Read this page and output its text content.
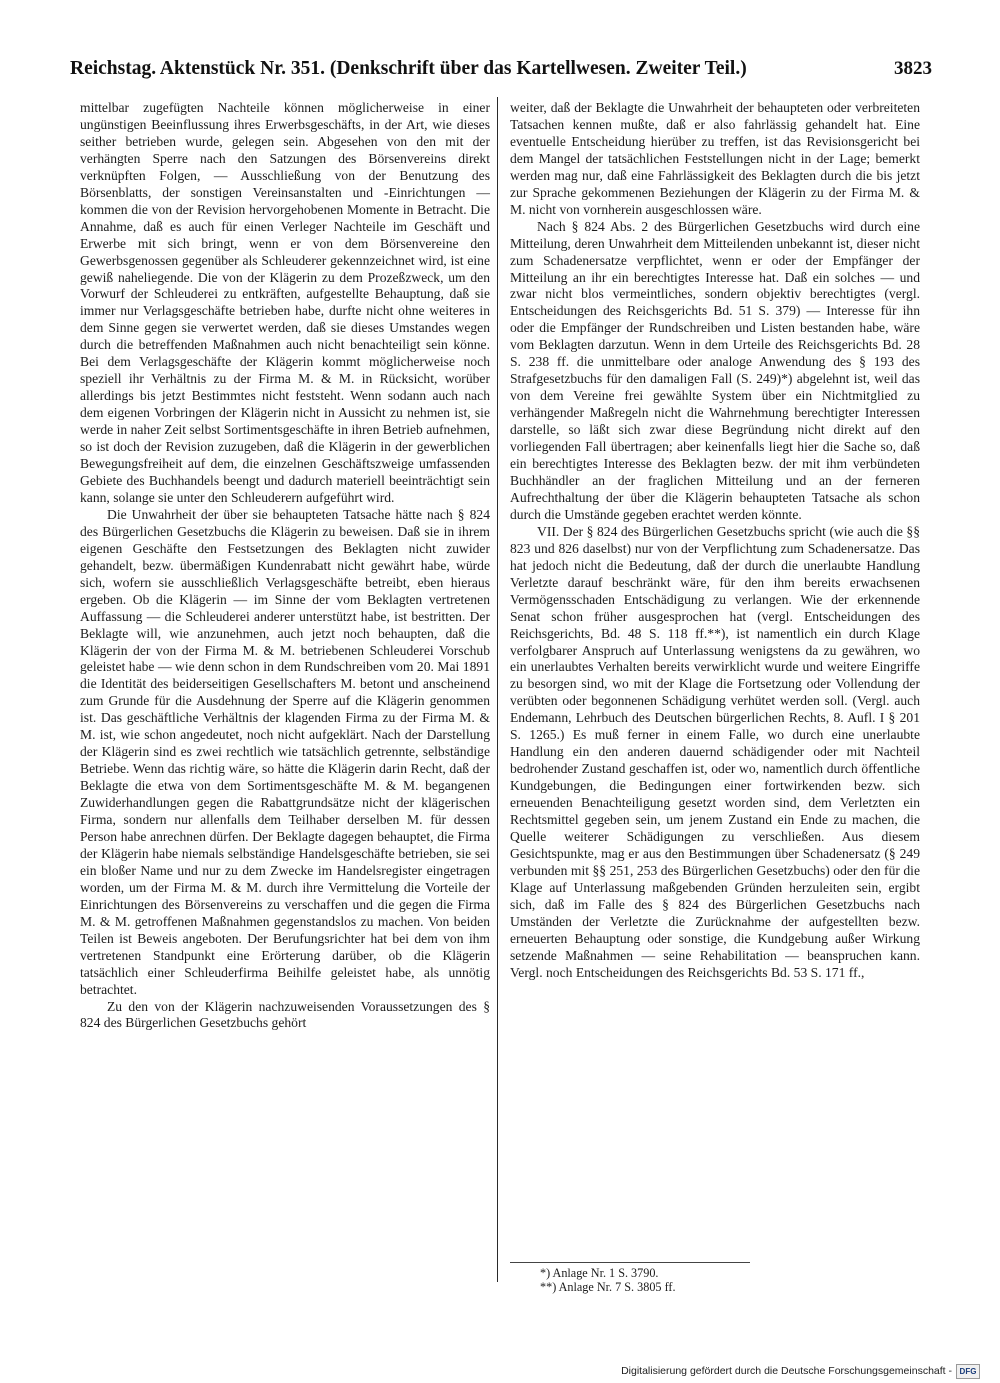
Reichstag. Aktenstück Nr. 351. (Denkschrift über das Kartellwesen. Zweiter Teil.)	3823

mittelbar zugefügten Nachteile können möglicherweise in einer ungünstigen Beeinflussung ihres Erwerbsgeschäfts, in der Art, wie dieses seither betrieben wurde, gelegen sein. Abgesehen von den mit der verhängten Sperre nach den Satzungen des Börsenvereins direkt verknüpften Folgen, — Ausschließung von der Benutzung des Börsenblatts, der sonstigen Vereinsanstalten und -Einrichtungen — kommen die von der Revision hervorgehobenen Momente in Betracht. Die Annahme, daß es auch für einen Verleger Nachteile im Geschäft und Erwerbe mit sich bringt, wenn er von dem Börsenvereine den Gewerbsgenossen gegenüber als Schleuderer gekennzeichnet wird, ist eine gewiß naheliegende. Die von der Klägerin zu dem Prozeßzweck, um den Vorwurf der Schleuderei zu entkräften, aufgestellte Behauptung, daß sie immer nur Verlagsgeschäfte betrieben habe, durfte nicht ohne weiteres in dem Sinne gegen sie verwertet werden, daß sie dieses Umstandes wegen durch die betreffenden Maßnahmen auch nicht benachteiligt sein könne. Bei dem Verlagsgeschäfte der Klägerin kommt möglicherweise noch speziell ihr Verhältnis zu der Firma M. & M. in Rücksicht, worüber allerdings bis jetzt Bestimmtes nicht feststeht. Wenn sodann auch nach dem eigenen Vorbringen der Klägerin nicht in Aussicht zu nehmen ist, sie werde in naher Zeit selbst Sortimentsgeschäfte in ihren Betrieb aufnehmen, so ist doch der Revision zuzugeben, daß die Klägerin in der gewerblichen Bewegungsfreiheit auf dem, die einzelnen Geschäftszweige umfassenden Gebiete des Buchhandels beengt und dadurch materiell beeinträchtigt sein kann, solange sie unter den Schleuderern aufgeführt wird.

Die Unwahrheit der über sie behaupteten Tatsache hätte nach § 824 des Bürgerlichen Gesetzbuchs die Klägerin zu beweisen. Daß sie in ihrem eigenen Geschäfte den Festsetzungen des Beklagten nicht zuwider gehandelt, bezw. übermäßigen Kundenrabatt nicht gewährt habe, würde sich, wofern sie ausschließlich Verlagsgeschäfte betreibt, eben hieraus ergeben. Ob die Klägerin — im Sinne der vom Beklagten vertretenen Auffassung — die Schleuderei anderer unterstützt habe, ist bestritten. Der Beklagte will, wie anzunehmen, auch jetzt noch behaupten, daß die Klägerin der von der Firma M. & M. betriebenen Schleuderei Vorschub geleistet habe — wie denn schon in dem Rundschreiben vom 20. Mai 1891 die Identität des beiderseitigen Gesellschafters M. betont und anscheinend zum Grunde für die Ausdehnung der Sperre auf die Klägerin genommen ist. Das geschäftliche Verhältnis der klagenden Firma zu der Firma M. & M. ist, wie schon angedeutet, noch nicht aufgeklärt. Nach der Darstellung der Klägerin sind es zwei rechtlich wie tatsächlich getrennte, selbständige Betriebe. Wenn das richtig wäre, so hätte die Klägerin darin Recht, daß der Beklagte die etwa von dem Sortimentsgeschäfte M. & M. begangenen Zuwiderhandlungen gegen die Rabattgrundsätze nicht der klägerischen Firma, sondern nur allenfalls dem Teilhaber derselben M. für dessen Person habe anrechnen dürfen. Der Beklagte dagegen behauptet, die Firma der Klägerin habe niemals selbständige Handelsgeschäfte betrieben, sie sei ein bloßer Name und nur zu dem Zwecke im Handelsregister eingetragen worden, um der Firma M. & M. durch ihre Vermittelung die Vorteile der Einrichtungen des Börsenvereins zu verschaffen und die gegen die Firma M. & M. getroffenen Maßnahmen gegenstandslos zu machen. Von beiden Teilen ist Beweis angeboten. Der Berufungsrichter hat bei dem von ihm vertretenen Standpunkt eine Erörterung darüber, ob die Klägerin tatsächlich einer Schleuderfirma Beihilfe geleistet habe, als unnötig betrachtet.

Zu den von der Klägerin nachzuweisenden Voraussetzungen des § 824 des Bürgerlichen Gesetzbuchs gehört

weiter, daß der Beklagte die Unwahrheit der behaupteten oder verbreiteten Tatsachen kennen mußte, daß er also fahrlässig gehandelt hat. Eine eventuelle Entscheidung hierüber zu treffen, ist das Revisionsgericht bei dem Mangel der tatsächlichen Feststellungen nicht in der Lage; bemerkt werden mag nur, daß eine Fahrlässigkeit des Beklagten durch die bis jetzt zur Sprache gekommenen Beziehungen der Klägerin zu der Firma M. & M. nicht von vornherein ausgeschlossen wäre.

Nach § 824 Abs. 2 des Bürgerlichen Gesetzbuchs wird durch eine Mitteilung, deren Unwahrheit dem Mitteilenden unbekannt ist, dieser nicht zum Schadenersatze verpflichtet, wenn er oder der Empfänger der Mitteilung an ihr ein berechtigtes Interesse hat. Daß ein solches — und zwar nicht blos vermeintliches, sondern objektiv berechtigtes (vergl. Entscheidungen des Reichsgerichts Bd. 51 S. 379) — Interesse für ihn oder die Empfänger der Rundschreiben und Listen bestanden habe, wäre vom Beklagten darzutun. Wenn in dem Urteile des Reichsgerichts Bd. 28 S. 238 ff. die unmittelbare oder analoge Anwendung des § 193 des Strafgesetzbuchs für den damaligen Fall (S. 249)*) abgelehnt ist, weil das von dem Vereine frei gewählte System über ein Nichtmitglied zu verhängender Maßregeln nicht die Wahrnehmung berechtigter Interessen darstelle, so läßt sich zwar diese Begründung nicht direkt auf den vorliegenden Fall übertragen; aber keinenfalls liegt hier die Sache so, daß ein berechtigtes Interesse des Beklagten bezw. der mit ihm verbündeten Buchhändler an der fraglichen Mitteilung und an der ferneren Aufrechthaltung der über die Klägerin behaupteten Tatsache als schon durch die Umstände gegeben erachtet werden könnte.

VII. Der § 824 des Bürgerlichen Gesetzbuchs spricht (wie auch die §§ 823 und 826 daselbst) nur von der Verpflichtung zum Schadenersatze. Das hat jedoch nicht die Bedeutung, daß der durch die unerlaubte Handlung Verletzte darauf beschränkt wäre, für den ihm bereits erwachsenen Vermögensschaden Entschädigung zu verlangen. Wie der erkennende Senat schon früher ausgesprochen hat (vergl. Entscheidungen des Reichsgerichts, Bd. 48 S. 118 ff.**), ist namentlich ein durch Klage verfolgbarer Anspruch auf Unterlassung wenigstens da zu gewähren, wo ein unerlaubtes Verhalten bereits verwirklicht wurde und weitere Eingriffe zu besorgen sind, wo mit der Klage die Fortsetzung oder Vollendung der verübten oder begonnenen Schädigung verhütet werden soll. (Vergl. auch Endemann, Lehrbuch des Deutschen bürgerlichen Rechts, 8. Aufl. I § 201 S. 1265.) Es muß ferner in einem Falle, wo durch eine unerlaubte Handlung ein den anderen dauernd schädigender oder mit Nachteil bedrohender Zustand geschaffen ist, oder wo, namentlich durch öffentliche Kundgebungen, die Bedingungen einer fortwirkenden bezw. sich erneuenden Benachteiligung gesetzt worden sind, dem Verletzten ein Rechtsmittel gegeben sein, um jenem Zustand ein Ende zu machen, die Quelle weiterer Schädigungen zu verschließen. Aus diesem Gesichtspunkte, mag er aus den Bestimmungen über Schadenersatz (§ 249 verbunden mit §§ 251, 253 des Bürgerlichen Gesetzbuchs) oder den für die Klage auf Unterlassung maßgebenden Gründen herzuleiten sein, ergibt sich, daß im Falle des § 824 des Bürgerlichen Gesetzbuchs nach Umständen der Verletzte die Zurücknahme der aufgestellten bezw. erneuerten Behauptung oder sonstige, die Kundgebung außer Wirkung setzende Maßnahmen — seine Rehabilitation — beanspruchen kann. Vergl. noch Entscheidungen des Reichsgerichts Bd. 53 S. 171 ff.,

*) Anlage Nr. 1 S. 3790.
**) Anlage Nr. 7 S. 3805 ff.
Digitalisierung gefördert durch die Deutsche Forschungsgemeinschaft - DFG
